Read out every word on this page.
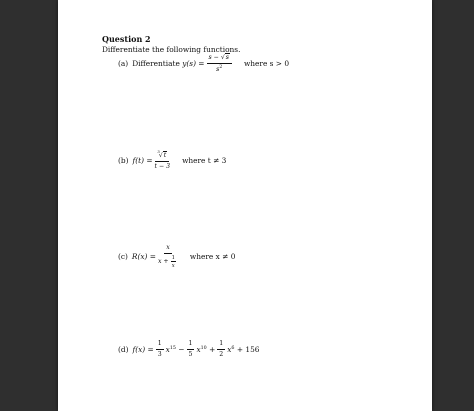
Question 2
Differentiate the following functions.
(a) Differentiate
$y(s) = \frac{s - √s}{s^2}$ where s > 0
(b) $f(t) = \frac{^3√t}{t - 3}$ where t ≠ 3
(c) $R(x) = \frac{x}{x + \frac{1}{x}}$ where x ≠ 0
(d) $f(x) = \frac{1}{3}$ x 15
− $\frac{1}{5}$ x 10
+ $\frac{1}{2}$ x 6
+
156
